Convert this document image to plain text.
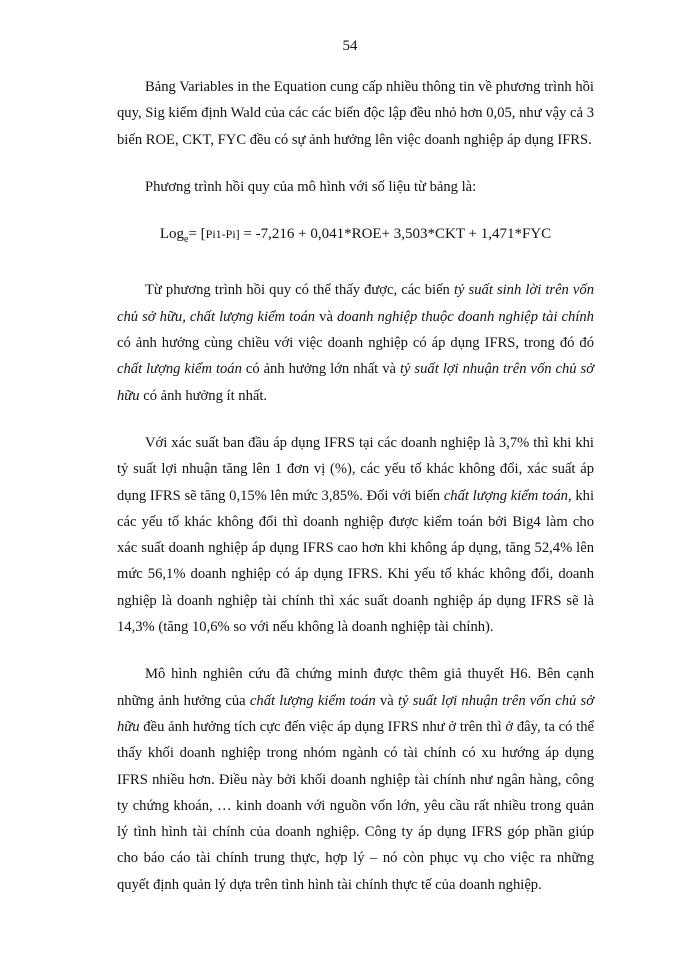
54

Bảng Variables in the Equation cung cấp nhiều thông tin về phương trình hồi quy, Sig kiểm định Wald của các các biến độc lập đều nhỏ hơn 0,05, như vậy cả 3 biến ROE, CKT, FYC đều có sự ảnh hưởng lên việc doanh nghiệp áp dụng IFRS.

Phương trình hồi quy của mô hình với số liệu từ bảng là:

Log$_e$= [Pi1-Pi] = -7,216 + 0,041*ROE+ 3,503*CKT + 1,471*FYC

Từ phương trình hồi quy có thể thấy được, các biến tỷ suất sinh lời trên vốn chủ sở hữu, chất lượng kiểm toán và doanh nghiệp thuộc doanh nghiệp tài chính có ảnh hưởng cùng chiều với việc doanh nghiệp có áp dụng IFRS, trong đó đó chất lượng kiểm toán có ảnh hưởng lớn nhất và tỷ suất lợi nhuận trên vốn chủ sở hữu có ảnh hưởng ít nhất.

Với xác suất ban đầu áp dụng IFRS tại các doanh nghiệp là 3,7% thì khi khi tỷ suất lợi nhuận tăng lên 1 đơn vị (%), các yếu tố khác không đổi, xác suất áp dụng IFRS sẽ tăng 0,15% lên mức 3,85%. Đối với biến chất lượng kiểm toán, khi các yếu tố khác không đổi thì doanh nghiệp được kiểm toán bởi Big4 làm cho xác suất doanh nghiệp áp dụng IFRS cao hơn khi không áp dụng, tăng 52,4% lên mức 56,1% doanh nghiệp có áp dụng IFRS. Khi yếu tố khác không đổi, doanh nghiệp là doanh nghiệp tài chính thì xác suất doanh nghiệp áp dụng IFRS sẽ là 14,3% (tăng 10,6% so với nếu không là doanh nghiệp tài chính).

Mô hình nghiên cứu đã chứng minh được thêm giả thuyết H6. Bên cạnh những ảnh hưởng của chất lượng kiểm toán và tỷ suất lợi nhuận trên vốn chủ sở hữu đều ảnh hưởng tích cực đến việc áp dụng IFRS như ở trên thì ở đây, ta có thể thấy khối doanh nghiệp trong nhóm ngành có tài chính có xu hướng áp dụng IFRS nhiều hơn. Điều này bởi khối doanh nghiệp tài chính như ngân hàng, công ty chứng khoán, … kinh doanh với nguồn vốn lớn, yêu cầu rất nhiều trong quản lý tình hình tài chính của doanh nghiệp. Công ty áp dụng IFRS góp phần giúp cho báo cáo tài chính trung thực, hợp lý – nó còn phục vụ cho việc ra những quyết định quản lý dựa trên tình hình tài chính thực tế của doanh nghiệp.
